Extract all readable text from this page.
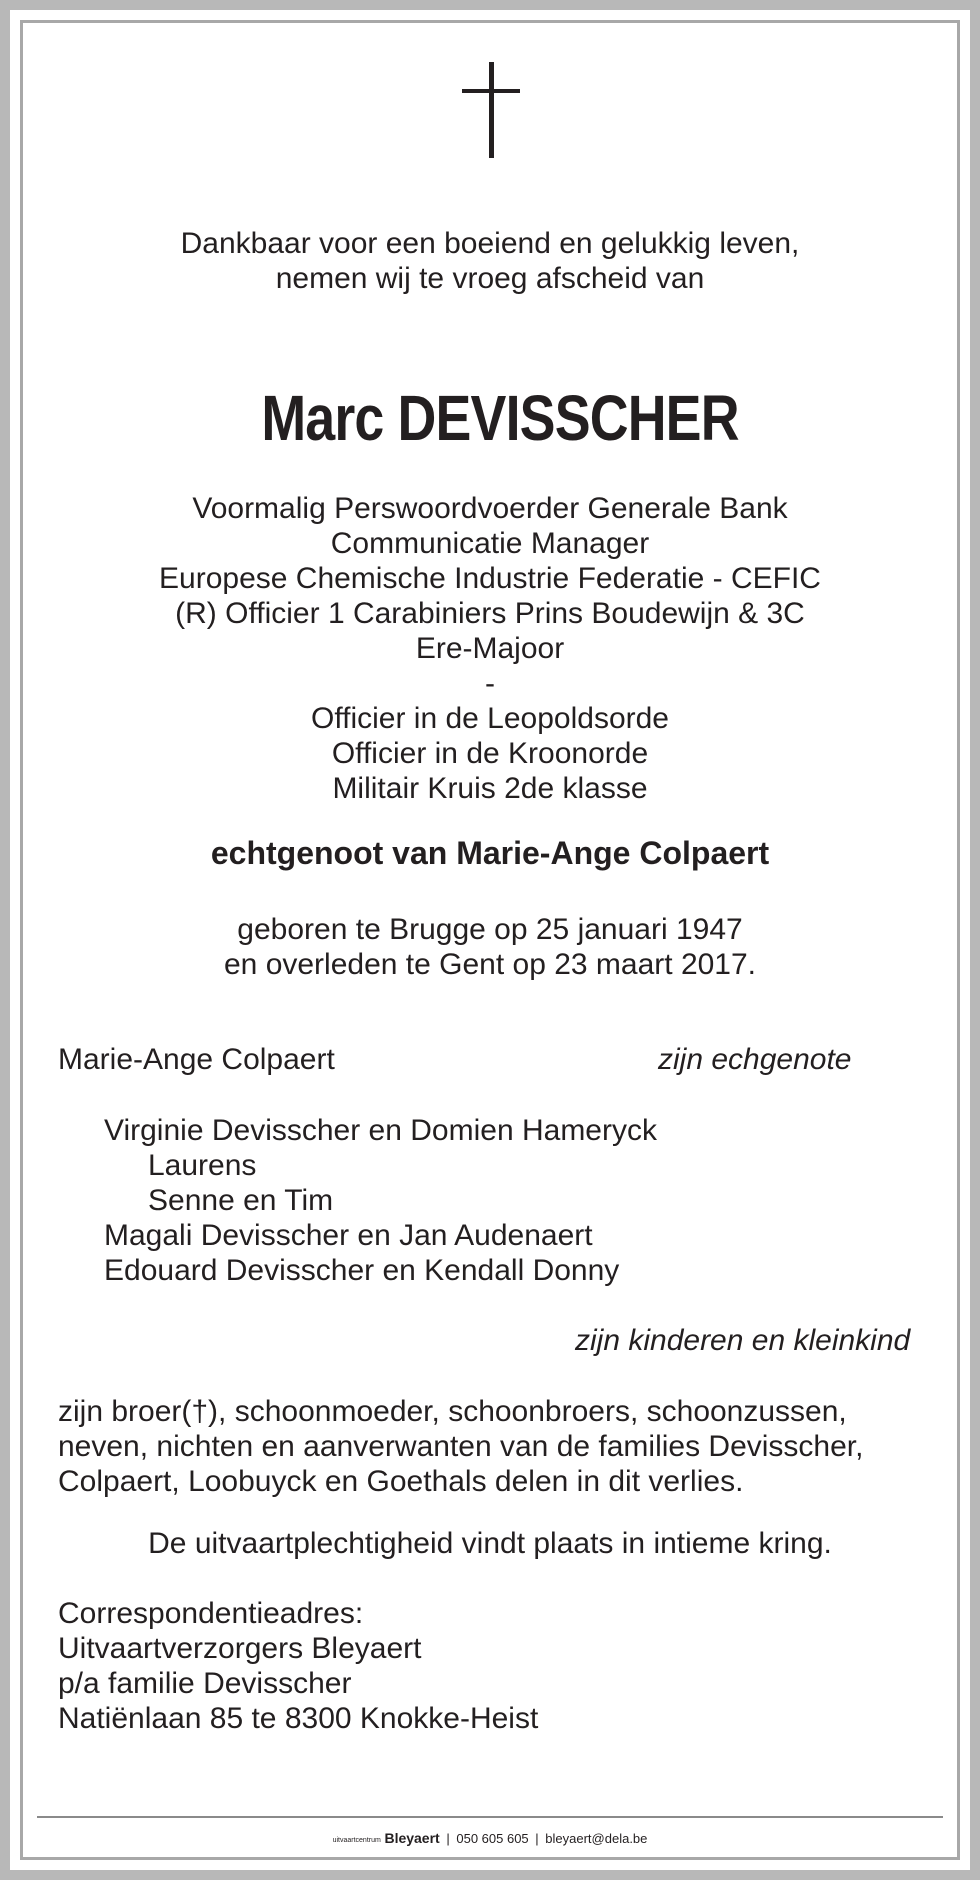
Dankbaar voor een boeiend en gelukkig leven,
nemen wij te vroeg afscheid van
Marc DEVISSCHER
Voormalig Perswoordvoerder Generale Bank
Communicatie Manager
Europese Chemische Industrie Federatie - CEFIC
(R) Officier 1 Carabiniers Prins Boudewijn & 3C
Ere-Majoor
-
Officier in de Leopoldsorde
Officier in de Kroonorde
Militair Kruis 2de klasse
echtgenoot van Marie-Ange Colpaert
geboren te Brugge op 25 januari 1947
en overleden te Gent op 23 maart 2017.
Marie-Ange Colpaert	zijn echgenote
Virginie Devisscher en Domien Hameryck
Laurens
Senne en Tim
Magali Devisscher en Jan Audenaert
Edouard Devisscher en Kendall Donny
zijn kinderen en kleinkind
zijn broer(†), schoonmoeder, schoonbroers, schoonzussen,
neven, nichten en aanverwanten van de families Devisscher,
Colpaert, Loobuyck en Goethals delen in dit verlies.
De uitvaartplechtigheid vindt plaats in intieme kring.
Correspondentieadres:
Uitvaartverzorgers Bleyaert
p/a familie Devisscher
Natiënlaan 85 te 8300 Knokke-Heist
uitvaartcentrum Bleyaert | 050 605 605 | bleyaert@dela.be
